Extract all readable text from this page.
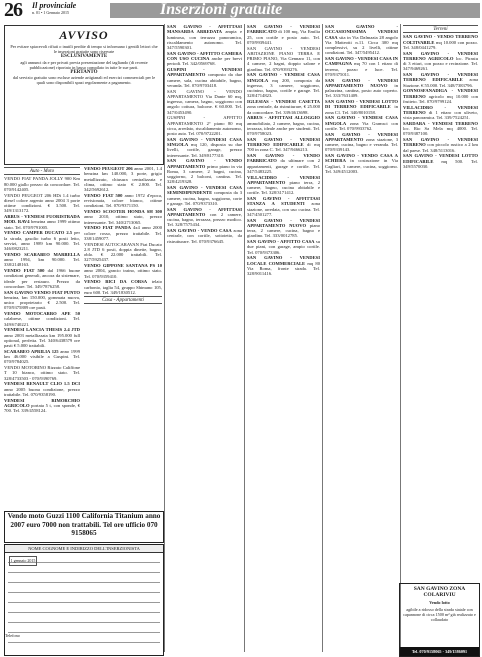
26 Il provinciale
n. 01 • 1 Gennaio 2015	Inserzioni gratuite
AVVISO
Per evitare spiacevoli rifiuti o inutili perdite di tempo si informano i gentili lettori che le inserzioni gratuite sono riservate
ESCLUSIVAMENTE
agli annunci da e per privati previa presentazione del tagliando (di recente pubblicazione) riportato in basso compilato in tutte le sue parti.
PERTANTO
dal servizio gratuito sono escluse aziende artigianali ed esercizi commerciali per le quali sono disponibili spazi regolarmente a pagamento.
Auto - Moto

VENDO FIAT PANDA JOLLY 900 Km 80.000 giallo prezzo da concordare. Tel. 070/9142405.

VENDO PEUGEOT 206 HDi 1.4 turbo diesel colore argento anno 2004 3 porte ottime condizioni. € 3.500. Tel. 349/1313172.

ARBUS - VENDESI FUORISTRADA MOD. RAV4 benzina anno 1999 ottimo stato. Tel. 070/9791005.

VENDO CAMPER DUCATO 2.5 per la strada, gasolio turbo 6 posti letto, servizi, anno 1989 km 90.000. Tel. 346/0823211.

VENDO SCARABEO MARBELLA anno 1994, km 90.000. Tel. 338/2148163.

VENDO FIAT 500 dal 1966 buone condizioni generali, ancora da sistemare, ideale per restauro. Prezzo da concordare. Tel. 349/7876258.

SAN GAVINO VENDO FIAT PUNTO benzina, km 150.000, gommata nuova, unico proprietario € 2.500. Tel. 070/9375889 ore pasti.

VENDO MOTOCARRO APE 50 calabrese, ottime condizioni. Tel. 349/6740221.

VENDESI LANCIA THESIS 2.4 JTD anno 2003 metallizzata km 195.000 full optional, perfetta. Tel. 340/6438579 ore pasti € 5.000 trattabili.

SCARABEO APRILIA 125 anno 1999 km 46.000 visibile a Guspini. Tel. 070/9784025.

VENDO MOTORINO Rizzato Califfone T 10 bianco, ottimo stato. Tel. 328/4733503 - 070/9390769.

VENDESI RENAULT CLIO 1.5 DCI anno 2005 buona condizione, prezzo trattabile. Tel. 070/9358190.

VENDESI RIMORCHIO AGRICOLO portata 5 t, con sponde, € 700. Tel. 339/4558124.

VENDO PEUGEOT 206 anno 2001, 1.4 benzina km 140.000, 3 porte, grigio metallizzato, chiusura centralizzata e clima, ottimo stato € 2.800. Tel. 342/5692612.

VENDO FIAT 500 anno 1972 d'epoca, revisionata, colore bianco, ottime condizioni. Tel. 070/9371150.

VENDO SCOOTER HONDA SH 300 anno 2010, ottimo stato, prezzo interessante. Tel. 340/2713065.

VENDO FIAT PANDA 4x4 anno 2000 colore rosso, prezzo trattabile. Tel. 338/1459077.

VENDESI AUTOCARAVAN Fiat Ducato 2.8 JTD 6 posti, doppia dinette, bagno, oblo. € 22.000 trattabili. Tel. 327/5925437.

VENDO GIPPONE SANTANA PS 10 anno 2004, gancio traino, ottimo stato. Tel. 070/9359410.

VENDO BICI DA CORSA telaio carbonio, taglia 54, gruppo Shimano 105, euro 600. Tel. 349/1830512.

Casa - Appartamenti

SAN GAVINO - AFFITTASI MANSARDA ARREDATA ampia e luminosa, con terrazza panoramica, riscaldamento autonomo. Tel. 347/5590301.

SAN GAVINO - AFFITTO CAMERA CON USO CUCINA anche per brevi periodi. Tel. 342/0569768.

GUSPINI - VENDESI APPARTAMENTO composto da due camere, sala, cucina abitabile, bagno, veranda. Tel. 070/9703418.

SAN GAVINO - VENDO APPARTAMENTO Via Dante 60 mq, ingresso, camera, bagno, soggiorno con angolo cottura, balcone. € 60.000. Tel. 347/0453490.

GUSPINI - AFFITTO APPARTAMENTO 2° piano 80 mq circa, arredato, riscaldamento autonomo, posto auto. Tel. 070/9722201.

SAN GAVINO - VENDESI CASA SINGOLA mq 120, disposta su due livelli, cortile, garage, prezzo interessante. Tel. 349/8177310.

SAN GAVINO - VENDO APPARTAMENTO primo piano in via Roma, 3 camere, 2 bagni, cucina, soggiorno, 2 balconi, cantina. Tel. 328/4219328.

SAN GAVINO - VENDESI CASA SEMINDIPENDENTE composta da 3 camere, cucina, bagno, soggiorno, corte e garage. Tel. 070/9373310.

SAN GAVINO - AFFITTASI APPARTAMENTO con 2 camere, cucina, bagno, terrazza, prezzo modico. Tel. 328/7575434.

SAN GAVINO - VENDO CASA zona centrale, con cortile, sottotetto, da ristrutturare. Tel. 070/9376645.

SAN GAVINO - VENDESI FABBRICATO di 100 mq, Via Emilia 25, con cortile e posto auto. Tel. 070/9939441.

SAN GAVINO - VENDESI ABITAZIONE PIANO TERRA E PRIMO PIANO, Via Gennaro 11, con 4 camere, 2 bagni, doppio salone e giardino. Tel. 070/9393276.

SAN GAVINO - VENDESI CASA SINGOLA mq 200, composta da ingresso, 3 camere, soggiorno, cucinino, bagno, cortile e garage. Tel. 328/4714823.

IGLESIAS - VENDESI CASETTA zona centrale, da ristrutturare, € 25.000 da concordare. Tel. 339/4613698.

ARBUS - AFFITTASI ALLOGGIO ammobiliato, 2 camere, bagno, cucina, terrazza, ideale anche per studenti. Tel. 070/9758023.

SAN GAVINO - VENDESI TERRENO EDIFICABILE di mq 700 in zona C. Tel. 347/9466213.

SAN GAVINO - VENDO FABBRICATO da ultimare con 2 appartamenti, garage e cortile. Tel. 347/5483225.

VILLACIDRO - VENDESI APPARTAMENTO piano terra, 2 camere, bagno, cucina abitabile e cortile. Tel. 328/3171412.

SAN GAVINO - AFFITTASI STANZA A STUDENTI zona stazione, arredata, con uso cucina. Tel. 347/4501277.

SAN GAVINO - VENDESI APPARTAMENTO NUOVO piano terra, 2 camere, cucina, bagno e giardino. Tel. 333/0012785.

SAN GAVINO - AFFITTO CASA su due piani, con garage, ampio cortile. Tel. 070/9373306.

SAN GAVINO - VENDESI LOCALE COMMERCIALE mq 80 Via Roma, fronte strada. Tel. 328/9011416.

SAN GAVINO - OCCASIONISSIMA VENDESI CASA sita in Via Dalmazia 28 angolo Via Matteotti n.11. Circa 300 mq complessivi, su 2 livelli, ottime condizioni. Tel. 347/5495412.

SAN GAVINO - VENDESI CASA IN CAMPAGNA mq 70 con 1 ettaro di terreno, pozzo e luce. Tel. 070/9375011.

SAN GAVINO - VENDESI APPARTAMENTO NUOVO in palazzina, cantina, posto auto coperto. Tel. 333/7631409.

SAN GAVINO - VENDESI LOTTO DI TERRENO EDIFICABILE in zona C1. Tel. 340/8010158.

SAN GAVINO - VENDESI CASA SINGOLA zona Via Gramsci con cortile. Tel. 070/9933762.

SAN GAVINO - VENDESI APPARTAMENTO zona stazione, 3 camere, cucina, bagno e veranda. Tel. 070/9339143.

SAN GAVINO - VENDO CASA A SCHIERA in costruzione in Via Cagliari, 3 camere, cucina, soggiorno. Tel. 349/4512003.

Terreni

SAN GAVINO - VENDO TERRENO COLTIVABILE mq 10.000 con pozzo. Tel. 348/0441279.

SAN GAVINO - VENDESI TERRENO AGRICOLO loc. Pirastu di 3 ettari, con pozzo e recinzione. Tel. 347/9469261.

SAN GAVINO - VENDESI TERRENO EDIFICABILE zona Stazione. € 55.000. Tel. 348/7383796.

GONNOSFANADIGA - VENDESI TERRENO agricolo mq 10.000 con frutteto. Tel. 070/9799124.

VILLACIDRO - VENDESI TERRENO di 1 ettaro con uliveto, vista panoramica. Tel. 339/7524251.

SARDARA - VENDESI TERRENO loc. Rio Sa Mela mq 4000. Tel. 070/9387100.

SAN GAVINO - VENDESI TERRENO con piccolo rustico a 2 km dal paese. Tel. 348/5113016.

SAN GAVINO - VENDESI LOTTO EDIFICABILE mq 500. Tel. 349/5570030.

Vendo moto Guzzi 1100 California Titanium anno 2007 euro 7000 non trattabili. Tel ore ufficio 070 9158065
NOME COGNOME E INDIRIZZO DELL'INSERZIONISTA
1 gennaio 2015
Telefono
SAN GAVINO ZONA COLARIVIU
Vendo lotto
agibile a ridosso della strada statale con capannone di circa 1500 m² già realizzato e collaudato
Tel. 070/9158065 - 349/1586091
